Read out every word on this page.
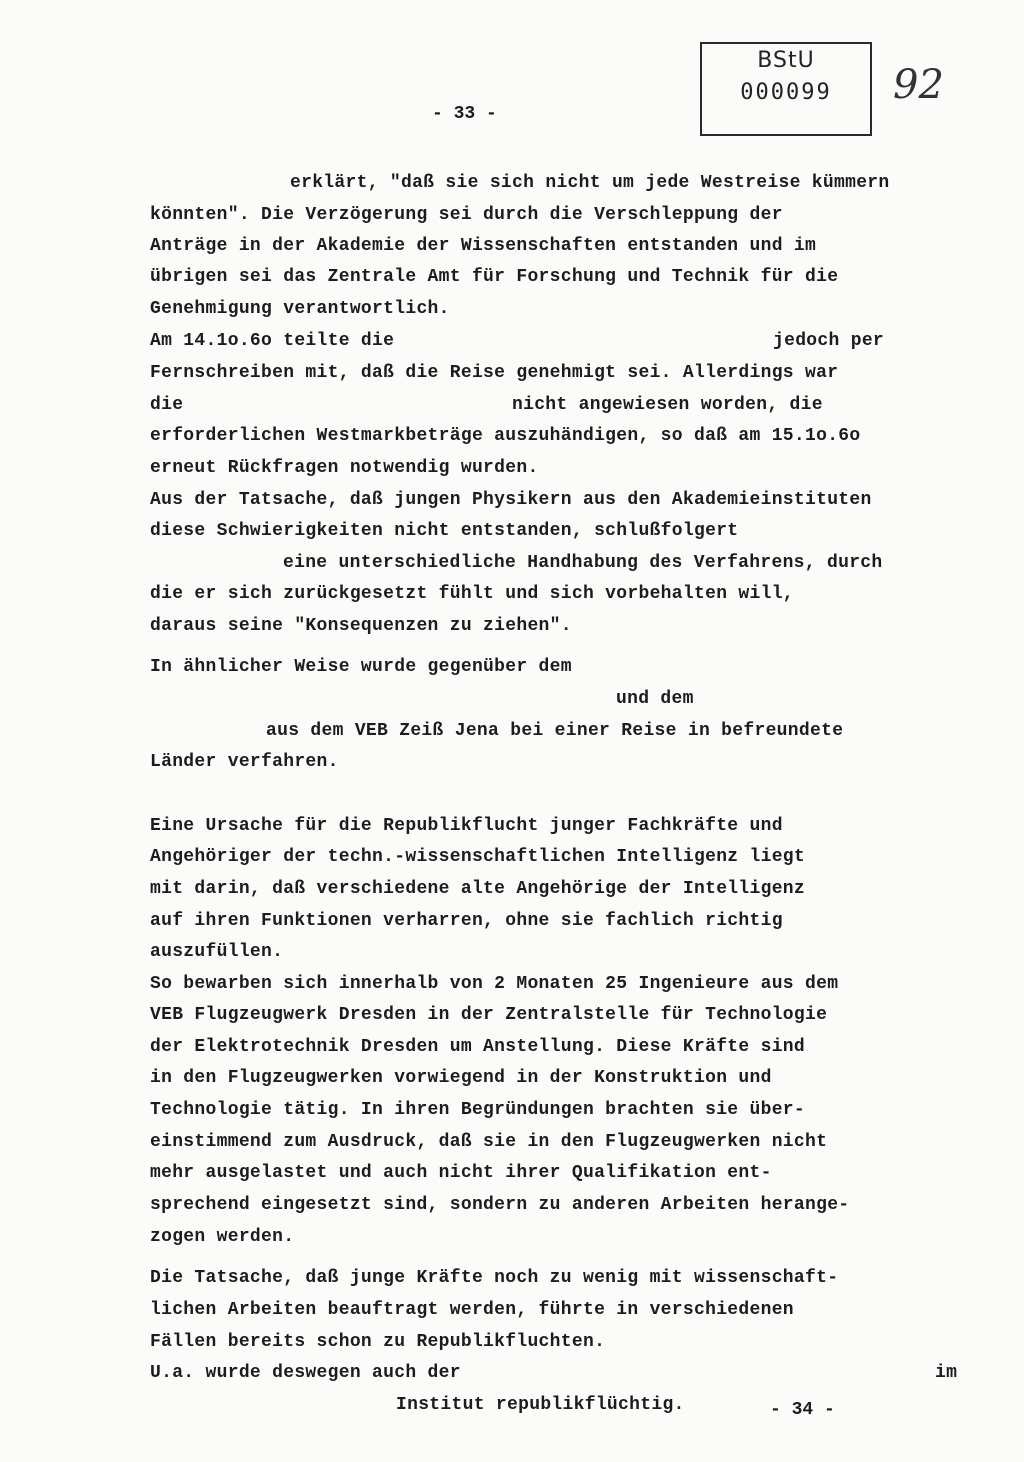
BStU
000099	92
- 33 -
erklärt, "daß sie sich nicht um jede Westreise kümmern
könnten". Die Verzögerung sei durch die Verschleppung der
Anträge in der Akademie der Wissenschaften entstanden und im
übrigen sei das Zentrale Amt für Forschung und Technik für die
Genehmigung verantwortlich.
Am 14.1o.6o teilte die	jedoch per
Fernschreiben mit, daß die Reise genehmigt sei. Allerdings war
die	nicht angewiesen worden, die
erforderlichen Westmarkbeträge auszuhändigen, so daß am 15.1o.6o
erneut Rückfragen notwendig wurden.
Aus der Tatsache, daß jungen Physikern aus den Akademieinstituten
diese Schwierigkeiten nicht entstanden, schlußfolgert
eine unterschiedliche Handhabung des Verfahrens, durch
die er sich zurückgesetzt fühlt und sich vorbehalten will,
daraus seine "Konsequenzen zu ziehen".
In ähnlicher Weise wurde gegenüber dem
und dem
aus dem VEB Zeiß Jena bei einer Reise in befreundete
Länder verfahren.
Eine Ursache für die Republikflucht junger Fachkräfte und
Angehöriger der techn.-wissenschaftlichen Intelligenz liegt
mit darin, daß verschiedene alte Angehörige der Intelligenz
auf ihren Funktionen verharren, ohne sie fachlich richtig
auszufüllen.
So bewarben sich innerhalb von 2 Monaten 25 Ingenieure aus dem
VEB Flugzeugwerk Dresden in der Zentralstelle für Technologie
der Elektrotechnik Dresden um Anstellung. Diese Kräfte sind
in den Flugzeugwerken vorwiegend in der Konstruktion und
Technologie tätig. In ihren Begründungen brachten sie über-
einstimmend zum Ausdruck, daß sie in den Flugzeugwerken nicht
mehr ausgelastet und auch nicht ihrer Qualifikation ent-
sprechend eingesetzt sind, sondern zu anderen Arbeiten herange-
zogen werden.
Die Tatsache, daß junge Kräfte noch zu wenig mit wissenschaft-
lichen Arbeiten beauftragt werden, führte in verschiedenen
Fällen bereits schon zu Republikfluchten.
U.a. wurde deswegen auch der	im
Institut republikflüchtig.	- 34 -
